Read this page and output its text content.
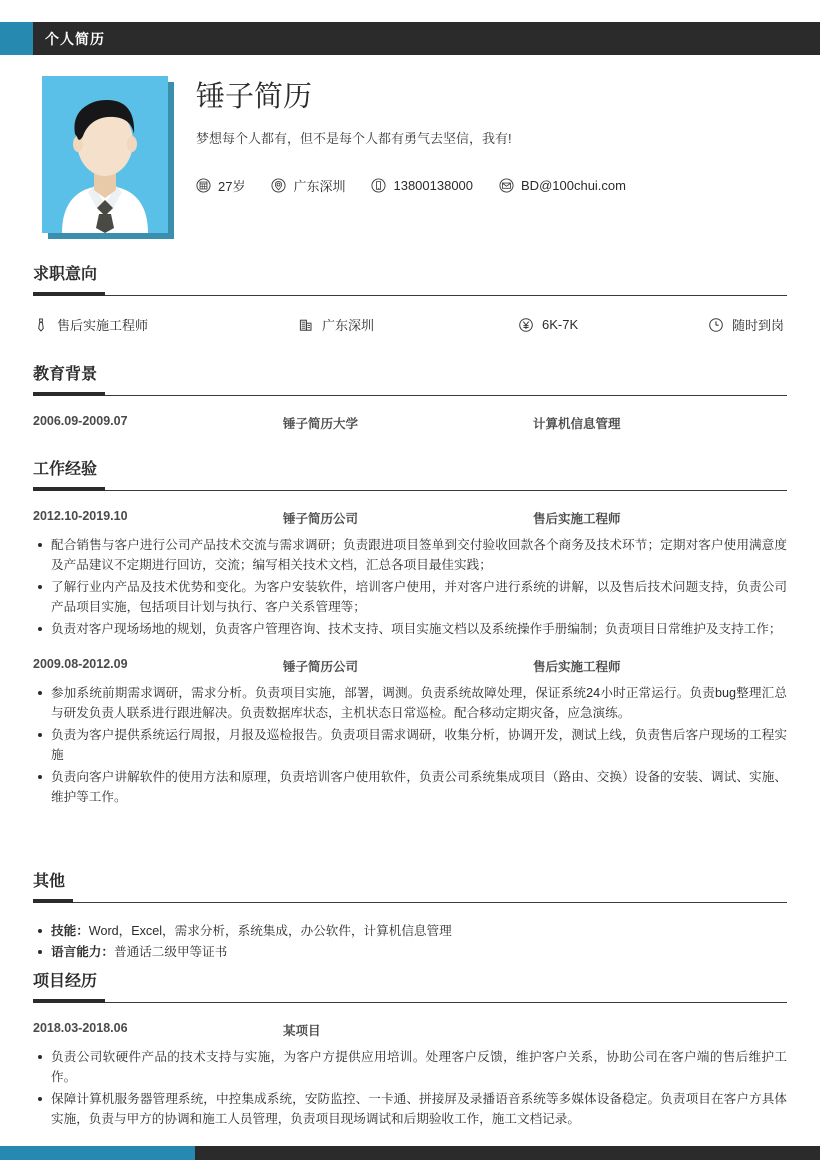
个人简历
锤子简历
梦想每个人都有，但不是每个人都有勇气去坚信，我有!
27岁	广东深圳	13800138000	BD@100chui.com
求职意向
售后实施工程师	广东深圳	6K-7K	随时到岗
教育背景
2006.09-2009.07	锤子简历大学	计算机信息管理
工作经验
2012.10-2019.10	锤子简历公司	售后实施工程师
配合销售与客户进行公司产品技术交流与需求调研；负责跟进项目签单到交付验收回款各个商务及技术环节；定期对客户使用满意度及产品建议不定期进行回访，交流；编写相关技术文档，汇总各项目最佳实践；
了解行业内产品及技术优势和变化。为客户安装软件，培训客户使用，并对客户进行系统的讲解，以及售后技术问题支持，负责公司产品项目实施，包括项目计划与执行、客户关系管理等；
负责对客户现场场地的规划，负责客户管理咨询、技术支持、项目实施文档以及系统操作手册编制；负责项目日常维护及支持工作；
2009.08-2012.09	锤子简历公司	售后实施工程师
参加系统前期需求调研，需求分析。负责项目实施，部署，调测。负责系统故障处理，保证系统24小时正常运行。负责bug整理汇总与研发负责人联系进行跟进解决。负责数据库状态，主机状态日常巡检。配合移动定期灾备，应急演练。
负责为客户提供系统运行周报，月报及巡检报告。负责项目需求调研，收集分析，协调开发，测试上线，负责售后客户现场的工程实施
负责向客户讲解软件的使用方法和原理，负责培训客户使用软件，负责公司系统集成项目（路由、交换）设备的安装、调试、实施、维护等工作。
其他
技能：Word，Excel，需求分析，系统集成，办公软件，计算机信息管理
语言能力：普通话二级甲等证书
项目经历
2018.03-2018.06	某项目
负责公司软硬件产品的技术支持与实施，为客户方提供应用培训。处理客户反馈，维护客户关系，协助公司在客户端的售后维护工作。
保障计算机服务器管理系统，中控集成系统，安防监控、一卡通、拼接屏及录播语音系统等多媒体设备稳定。负责项目在客户方具体实施，负责与甲方的协调和施工人员管理，负责项目现场调试和后期验收工作，施工文档记录。
